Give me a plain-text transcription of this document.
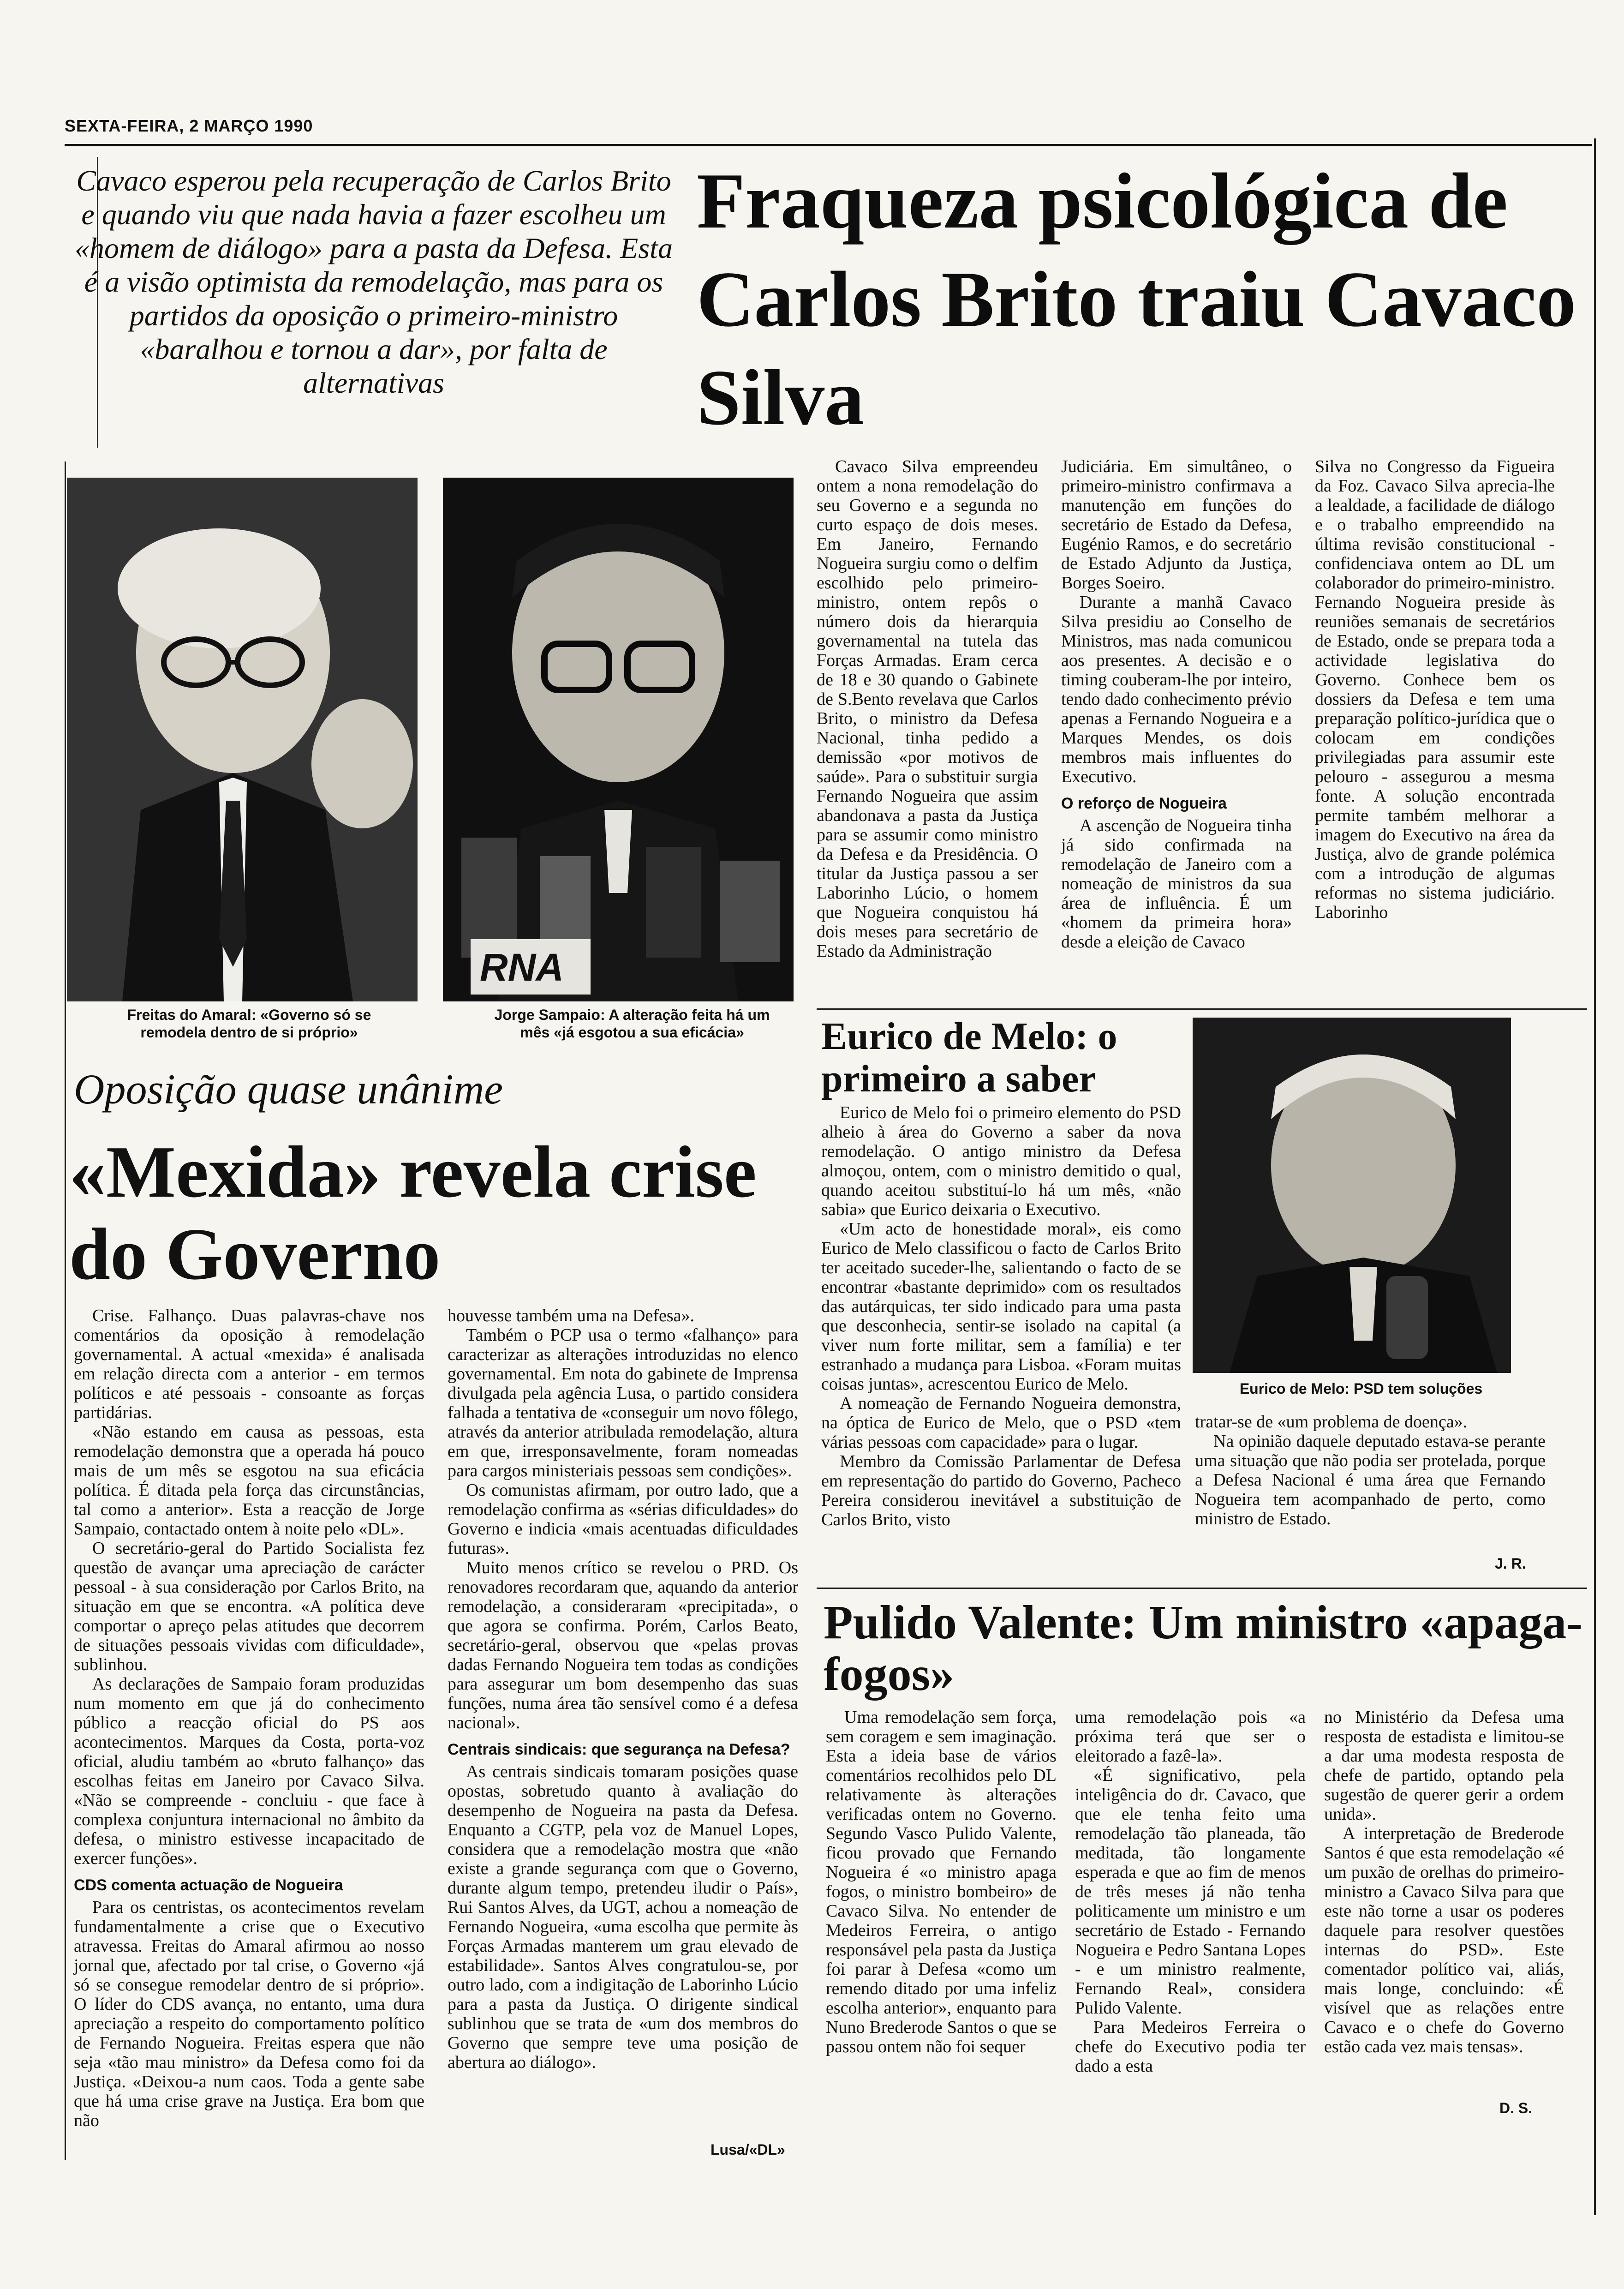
SEXTA-FEIRA, 2 MARÇO 1990
Cavaco esperou pela recuperação de Carlos Brito e quando viu que nada havia a fazer escolheu um «homem de diálogo» para a pasta da Defesa. Esta é a visão optimista da remodelação, mas para os partidos da oposição o primeiro-ministro «baralhou e tornou a dar», por falta de alternativas
Fraqueza psicológica de Carlos Brito traiu Cavaco Silva
RNA
Freitas do Amaral: «Governo só se remodela dentro de si próprio»
Jorge Sampaio: A alteração feita há um mês «já esgotou a sua eficácia»

Cavaco Silva empreendeu ontem a nona remodelação do seu Governo e a segunda no curto espaço de dois meses. Em Janeiro, Fernando Nogueira surgiu como o delfim escolhido pelo primeiro-ministro, ontem repôs o número dois da hierarquia governamental na tutela das Forças Armadas. Eram cerca de 18 e 30 quando o Gabinete de S.Bento revelava que Carlos Brito, o ministro da Defesa Nacional, tinha pedido a demissão «por motivos de saúde». Para o substituir surgia Fernando Nogueira que assim abandonava a pasta da Justiça para se assumir como ministro da Defesa e da Presidência. O titular da Justiça passou a ser Laborinho Lúcio, o homem que Nogueira conquistou há dois meses para secretário de Estado da Administração

Judiciária. Em simultâneo, o primeiro-ministro confirmava a manutenção em funções do secretário de Estado da Defesa, Eugénio Ramos, e do secretário de Estado Adjunto da Justiça, Borges Soeiro.

Durante a manhã Cavaco Silva presidiu ao Conselho de Ministros, mas nada comunicou aos presentes. A decisão e o timing couberam-lhe por inteiro, tendo dado conhecimento prévio apenas a Fernando Nogueira e a Marques Mendes, os dois membros mais influentes do Executivo.

O reforço de Nogueira

A ascenção de Nogueira tinha já sido confirmada na remodelação de Janeiro com a nomeação de ministros da sua área de influência. É um «homem da primeira hora» desde a eleição de Cavaco

Silva no Congresso da Figueira da Foz. Cavaco Silva aprecia-lhe a lealdade, a facilidade de diálogo e o trabalho empreendido na última revisão constitucional - confidenciava ontem ao DL um colaborador do primeiro-ministro. Fernando Nogueira preside às reuniões semanais de secretários de Estado, onde se prepara toda a actividade legislativa do Governo. Conhece bem os dossiers da Defesa e tem uma preparação político-jurídica que o colocam em condições privilegiadas para assumir este pelouro - assegurou a mesma fonte. A solução encontrada permite também melhorar a imagem do Executivo na área da Justiça, alvo de grande polémica com a introdução de algumas reformas no sistema judiciário. Laborinho

Oposição quase unânime
«Mexida» revela crise do Governo

Crise. Falhanço. Duas palavras-chave nos comentários da oposição à remodelação governamental. A actual «mexida» é analisada em relação directa com a anterior - em termos políticos e até pessoais - consoante as forças partidárias.

«Não estando em causa as pessoas, esta remodelação demonstra que a operada há pouco mais de um mês se esgotou na sua eficácia política. É ditada pela força das circunstâncias, tal como a anterior». Esta a reacção de Jorge Sampaio, contactado ontem à noite pelo «DL».

O secretário-geral do Partido Socialista fez questão de avançar uma apreciação de carácter pessoal - à sua consideração por Carlos Brito, na situação em que se encontra. «A política deve comportar o apreço pelas atitudes que decorrem de situações pessoais vividas com dificuldade», sublinhou.

As declarações de Sampaio foram produzidas num momento em que já do conhecimento público a reacção oficial do PS aos acontecimentos. Marques da Costa, porta-voz oficial, aludiu também ao «bruto falhanço» das escolhas feitas em Janeiro por Cavaco Silva. «Não se compreende - concluiu - que face à complexa conjuntura internacional no âmbito da defesa, o ministro estivesse incapacitado de exercer funções».

CDS comenta actuação de Nogueira

Para os centristas, os acontecimentos revelam fundamentalmente a crise que o Executivo atravessa. Freitas do Amaral afirmou ao nosso jornal que, afectado por tal crise, o Governo «já só se consegue remodelar dentro de si próprio». O líder do CDS avança, no entanto, uma dura apreciação a respeito do comportamento político de Fernando Nogueira. Freitas espera que não seja «tão mau ministro» da Defesa como foi da Justiça. «Deixou-a num caos. Toda a gente sabe que há uma crise grave na Justiça. Era bom que não

houvesse também uma na Defesa».

Também o PCP usa o termo «falhanço» para caracterizar as alterações introduzidas no elenco governamental. Em nota do gabinete de Imprensa divulgada pela agência Lusa, o partido considera falhada a tentativa de «conseguir um novo fôlego, através da anterior atribulada remodelação, altura em que, irresponsavelmente, foram nomeadas para cargos ministeriais pessoas sem condições».

Os comunistas afirmam, por outro lado, que a remodelação confirma as «sérias dificuldades» do Governo e indicia «mais acentuadas dificuldades futuras».

Muito menos crítico se revelou o PRD. Os renovadores recordaram que, aquando da anterior remodelação, a consideraram «precipitada», o que agora se confirma. Porém, Carlos Beato, secretário-geral, observou que «pelas provas dadas Fernando Nogueira tem todas as condições para assegurar um bom desempenho das suas funções, numa área tão sensível como é a defesa nacional».

Centrais sindicais: que segurança na Defesa?

As centrais sindicais tomaram posições quase opostas, sobretudo quanto à avaliação do desempenho de Nogueira na pasta da Defesa. Enquanto a CGTP, pela voz de Manuel Lopes, considera que a remodelação mostra que «não existe a grande segurança com que o Governo, durante algum tempo, pretendeu iludir o País», Rui Santos Alves, da UGT, achou a nomeação de Fernando Nogueira, «uma escolha que permite às Forças Armadas manterem um grau elevado de estabilidade». Santos Alves congratulou-se, por outro lado, com a indigitação de Laborinho Lúcio para a pasta da Justiça. O dirigente sindical sublinhou que se trata de «um dos membros do Governo que sempre teve uma posição de abertura ao diálogo».

Lusa/«DL»
Eurico de Melo: o primeiro a saber
Eurico de Melo: PSD tem soluções

Eurico de Melo foi o primeiro elemento do PSD alheio à área do Governo a saber da nova remodelação. O antigo ministro da Defesa almoçou, ontem, com o ministro demitido o qual, quando aceitou substituí-lo há um mês, «não sabia» que Eurico deixaria o Executivo.

«Um acto de honestidade moral», eis como Eurico de Melo classificou o facto de Carlos Brito ter aceitado suceder-lhe, salientando o facto de se encontrar «bastante deprimido» com os resultados das autárquicas, ter sido indicado para uma pasta que desconhecia, sentir-se isolado na capital (a viver num forte militar, sem a família) e ter estranhado a mudança para Lisboa. «Foram muitas coisas juntas», acrescentou Eurico de Melo.

A nomeação de Fernando Nogueira demonstra, na óptica de Eurico de Melo, que o PSD «tem várias pessoas com capacidade» para o lugar.

Membro da Comissão Parlamentar de Defesa em representação do partido do Governo, Pacheco Pereira considerou inevitável a substituição de Carlos Brito, visto

tratar-se de «um problema de doença».

Na opinião daquele deputado estava-se perante uma situação que não podia ser protelada, porque a Defesa Nacional é uma área que Fernando Nogueira tem acompanhado de perto, como ministro de Estado.

J. R.
Pulido Valente: Um ministro «apaga-fogos»

Uma remodelação sem força, sem coragem e sem imaginação. Esta a ideia base de vários comentários recolhidos pelo DL relativamente às alterações verificadas ontem no Governo. Segundo Vasco Pulido Valente, ficou provado que Fernando Nogueira é «o ministro apaga fogos, o ministro bombeiro» de Cavaco Silva. No entender de Medeiros Ferreira, o antigo responsável pela pasta da Justiça foi parar à Defesa «como um remendo ditado por uma infeliz escolha anterior», enquanto para Nuno Brederode Santos o que se passou ontem não foi sequer

uma remodelação pois «a próxima terá que ser o eleitorado a fazê-la».

«É significativo, pela inteligência do dr. Cavaco, que que ele tenha feito uma remodelação tão planeada, tão meditada, tão longamente esperada e que ao fim de menos de três meses já não tenha politicamente um ministro e um secretário de Estado - Fernando Nogueira e Pedro Santana Lopes - e um ministro realmente, Fernando Real», considera Pulido Valente.

Para Medeiros Ferreira o chefe do Executivo podia ter dado a esta

no Ministério da Defesa uma resposta de estadista e limitou-se a dar uma modesta resposta de chefe de partido, optando pela sugestão de querer gerir a ordem unida».

A interpretação de Brederode Santos é que esta remodelação «é um puxão de orelhas do primeiro-ministro a Cavaco Silva para que este não torne a usar os poderes daquele para resolver questões internas do PSD». Este comentador político vai, aliás, mais longe, concluindo: «É visível que as relações entre Cavaco e o chefe do Governo estão cada vez mais tensas».

D. S.
